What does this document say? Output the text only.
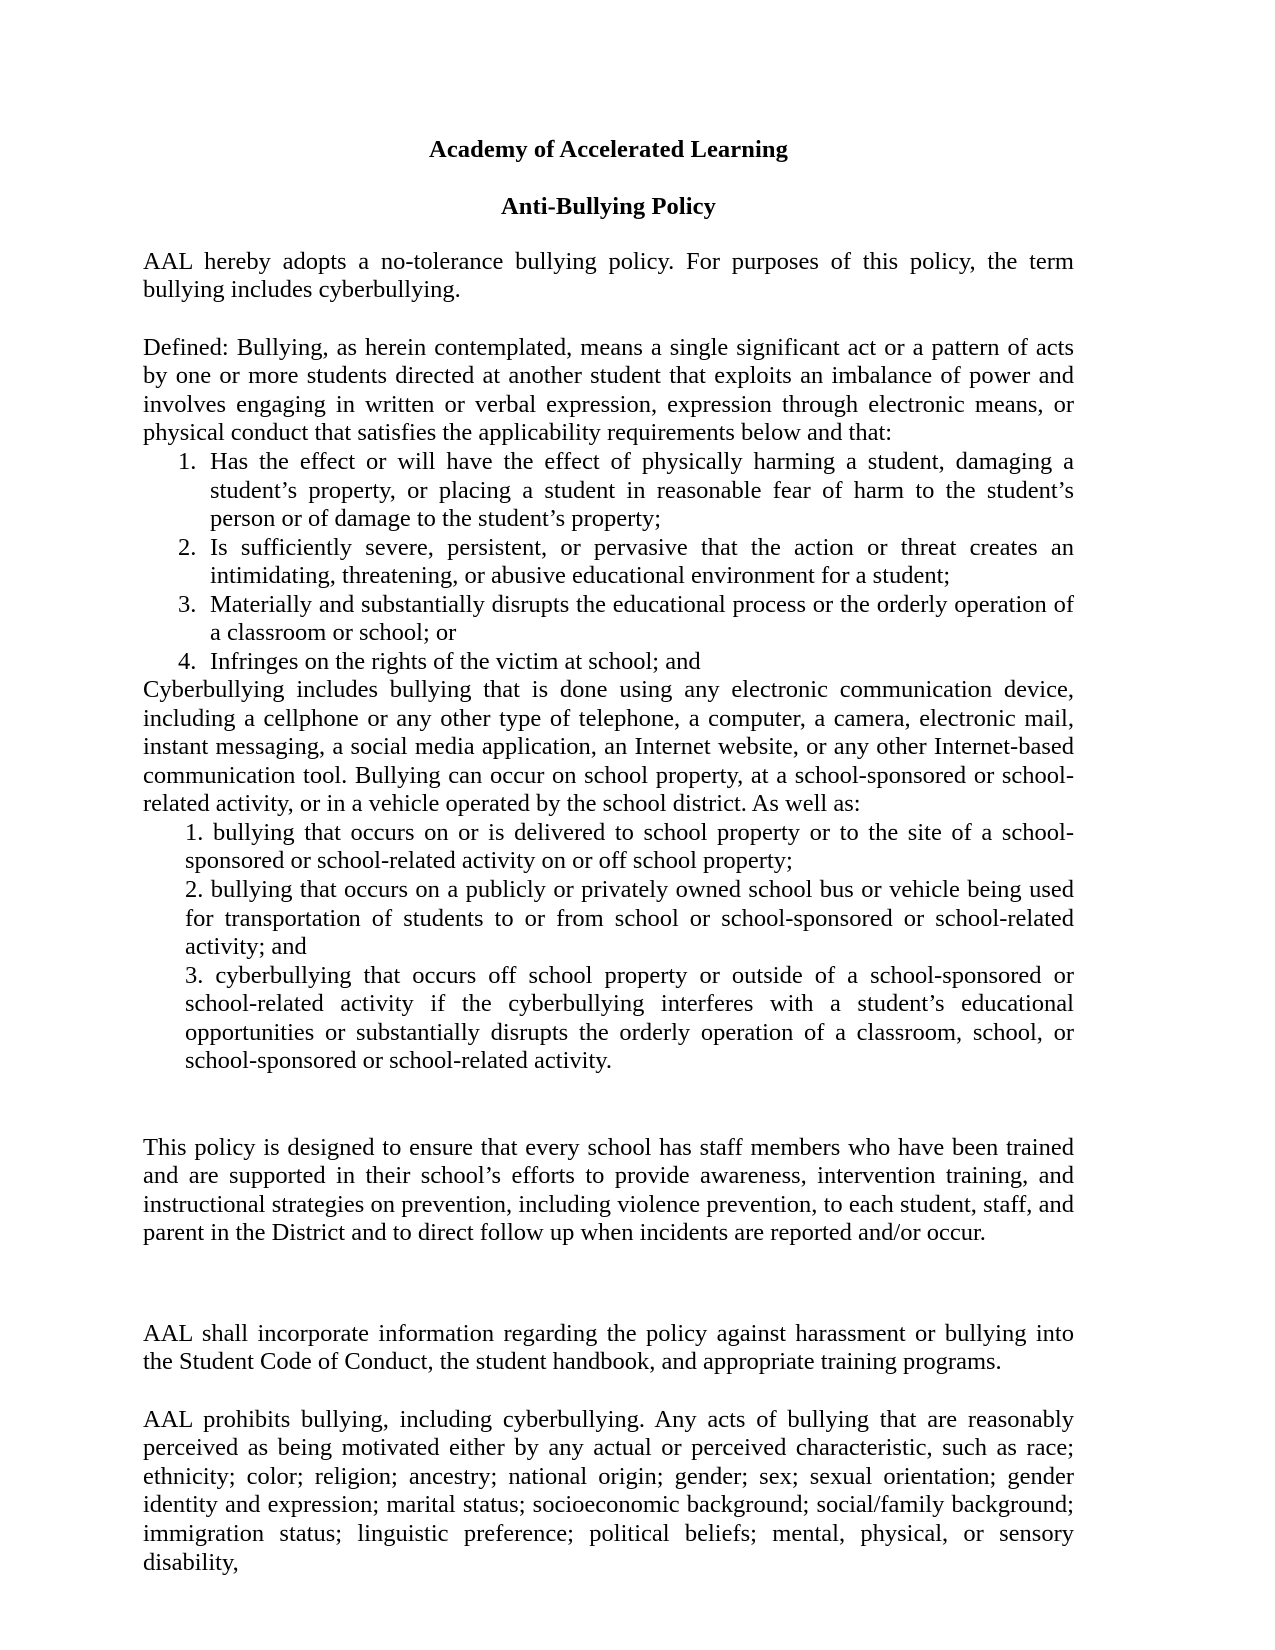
Academy of Accelerated Learning
Anti-Bullying Policy

AAL hereby adopts a no-tolerance bullying policy. For purposes of this policy, the term bullying includes cyberbullying.

Defined: Bullying, as herein contemplated, means a single significant act or a pattern of acts by one or more students directed at another student that exploits an imbalance of power and involves engaging in written or verbal expression, expression through electronic means, or physical conduct that satisfies the applicability requirements below and that:

1. Has the effect or will have the effect of physically harming a student, damaging a student’s property, or placing a student in reasonable fear of harm to the student’s person or of damage to the student’s property;
2. Is sufficiently severe, persistent, or pervasive that the action or threat creates an intimidating, threatening, or abusive educational environment for a student;
3. Materially and substantially disrupts the educational process or the orderly operation of a classroom or school; or
4. Infringes on the rights of the victim at school; and

Cyberbullying includes bullying that is done using any electronic communication device, including a cellphone or any other type of telephone, a computer, a camera, electronic mail, instant messaging, a social media application, an Internet website, or any other Internet-based communication tool. Bullying can occur on school property, at a school-sponsored or school-related activity, or in a vehicle operated by the school district. As well as:

1. bullying that occurs on or is delivered to school property or to the site of a school-sponsored or school-related activity on or off school property;
2. bullying that occurs on a publicly or privately owned school bus or vehicle being used for transportation of students to or from school or school-sponsored or school-related activity; and
3. cyberbullying that occurs off school property or outside of a school-sponsored or school-related activity if the cyberbullying interferes with a student’s educational opportunities or substantially disrupts the orderly operation of a classroom, school, or school-sponsored or school-related activity.

This policy is designed to ensure that every school has staff members who have been trained and are supported in their school’s efforts to provide awareness, intervention training, and instructional strategies on prevention, including violence prevention, to each student, staff, and parent in the District and to direct follow up when incidents are reported and/or occur.

AAL shall incorporate information regarding the policy against harassment or bullying into the Student Code of Conduct, the student handbook, and appropriate training programs.

AAL prohibits bullying, including cyberbullying. Any acts of bullying that are reasonably perceived as being motivated either by any actual or perceived characteristic, such as race; ethnicity; color; religion; ancestry; national origin; gender; sex; sexual orientation; gender identity and expression; marital status; socioeconomic background; social/family background; immigration status; linguistic preference; political beliefs; mental, physical, or sensory disability,
